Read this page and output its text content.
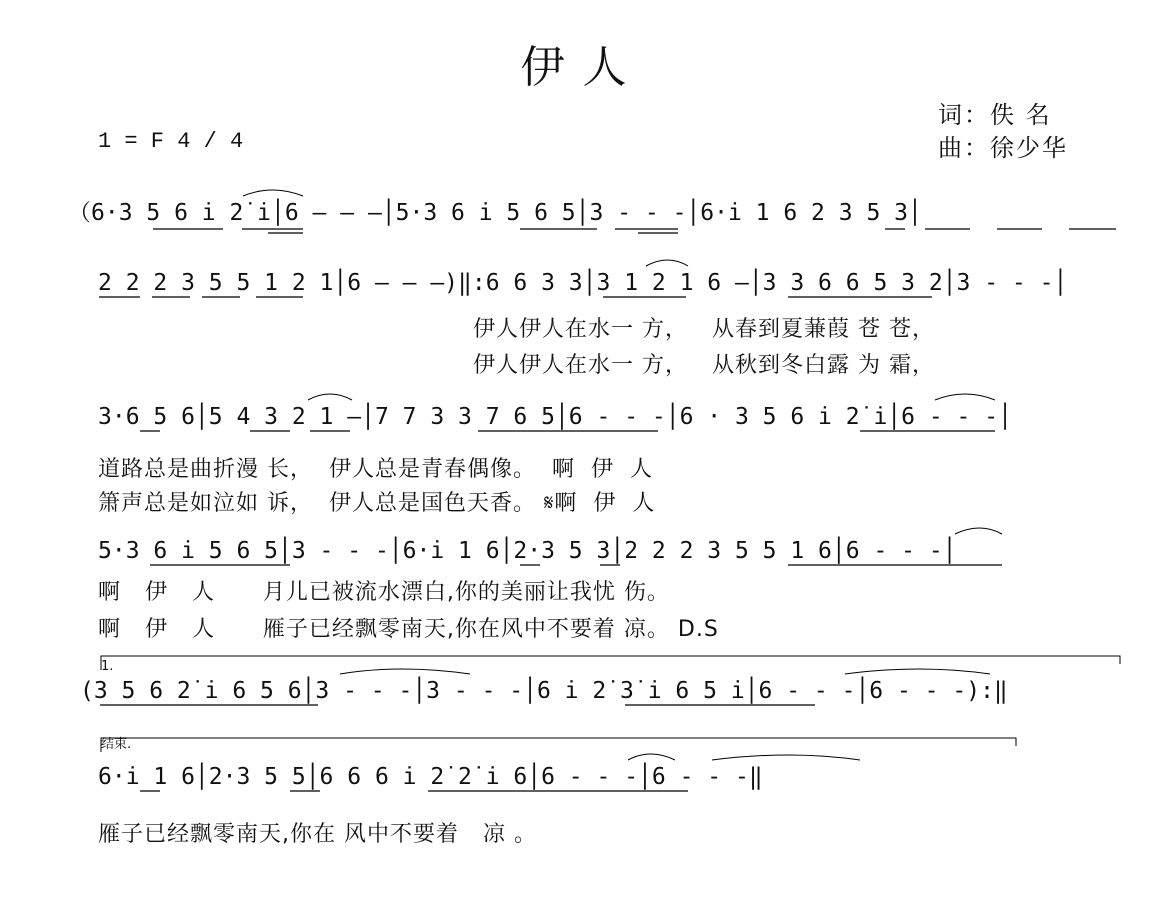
伊 人
1 = F 4 / 4
词：佚 名
曲：徐少华
（6·3 5 6 i̇ 2̇ i̇│6 — — —│5·3 6 i̇ 5 6 5│3 - - -│6·i̇ 1 6 2 3 5 3│
2 2 2 3 5 5 1 2 1│6 — — —)‖:6 6 3 3│3 1 2 1 6 —│3 3 6 6 5 3 2│3 - - -│
伊人伊人在水一 方，   从春到夏蒹葭 苍 苍，
伊人伊人在水一 方，   从秋到冬白露 为 霜，
3·6 5 6│5 4 3 2 1 —│7 7 3 3 7 6 5│6 - - -│6 · 3 5 6 i̇ 2̇ i̇│6 - - -│
道路总是曲折漫 长，  伊人总是青春偶像。  啊  伊  人
箫声总是如泣如 诉，  伊人总是国色天香。 𝄋啊  伊  人
5·3 6 i̇ 5 6 5│3 - - -│6·i̇ 1 6│2·3 5 3│2 2 2 3 5 5 1 6│6 - - -│
啊   伊   人      月儿已被流水漂白,你的美丽让我忧 伤。
啊   伊   人      雁子已经飘零南天,你在风中不要着 凉。 D.S
1.
(3 5 6 2̇ i̇ 6 5 6│3 - - -│3 - - -│6 i̇ 2̇ 3̇ i̇ 6 5 i̇│6 - - -│6 - - -):‖
结束.
6·i̇ 1 6│2·3 5 5│6 6 6 i̇ 2̇ 2̇ i̇ 6│6 - - -│6 - - -‖
雁子已经飘零南天,你在 风中不要着   凉 。
